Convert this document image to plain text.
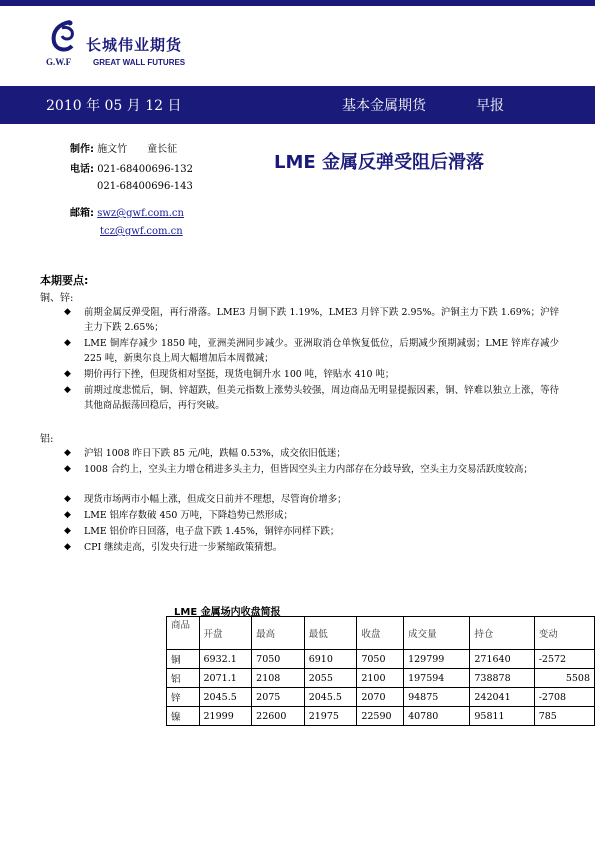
长城伟业期货
G.W.F	GREAT WALL FUTURES
2010 年 05 月 12 日	基本金属期货	早报
制作: 施文竹　　童长征
电话: 021-68400696-132
021-68400696-143
邮箱: swz@gwf.com.cn
tcz@gwf.com.cn
LME 金属反弹受阻后滑落
本期要点:
铜、锌:
◆ 前期金属反弹受阻，再行滑落。LME3 月铜下跌 1.19%，LME3 月锌下跌 2.95%。沪铜主力下跌 1.69%；沪锌主力下跌 2.65%；
◆ LME 铜库存减少 1850 吨，亚洲美洲同步减少。亚洲取消仓单恢复低位，后期减少预期减弱；LME 锌库存减少 225 吨，新奥尔良上周大幅增加后本周微减；
◆ 期价再行下挫，但现货相对坚挺，现货电铜升水 100 吨，锌贴水 410 吨；
◆ 前期过度悲慌后，铜、锌超跌，但美元指数上涨势头较强，周边商品无明显提振因素，铜、锌难以独立上涨，等待其他商品振荡回稳后，再行突破。
铝:
◆ 沪铝 1008 昨日下跌 85 元/吨，跌幅 0.53%，成交依旧低迷；
◆ 1008 合约上，空头主力增仓稍进多头主力，但皆因空头主力内部存在分歧导致，空头主力交易活跃度较高；
◆ 现货市场两市小幅上涨，但成交日前并不理想，尽管询价增多；
◆ LME 铝库存数破 450 万吨，下降趋势已然形成；
◆ LME 铝价昨日回落，电子盘下跌 1.45%，铜锌亦同样下跌；
◆ CPI 继续走高，引发央行进一步紧缩政策猜想。
LME 金属场内收盘简报
商品	开盘	最高	最低	收盘	成交量	持仓	变动
铜	6932.1	7050	6910	7050	129799	271640	-2572
铝	2071.1	2108	2055	2100	197594	738878	5508
锌	2045.5	2075	2045.5	2070	94875	242041	-2708
镍	21999	22600	21975	22590	40780	95811	785
